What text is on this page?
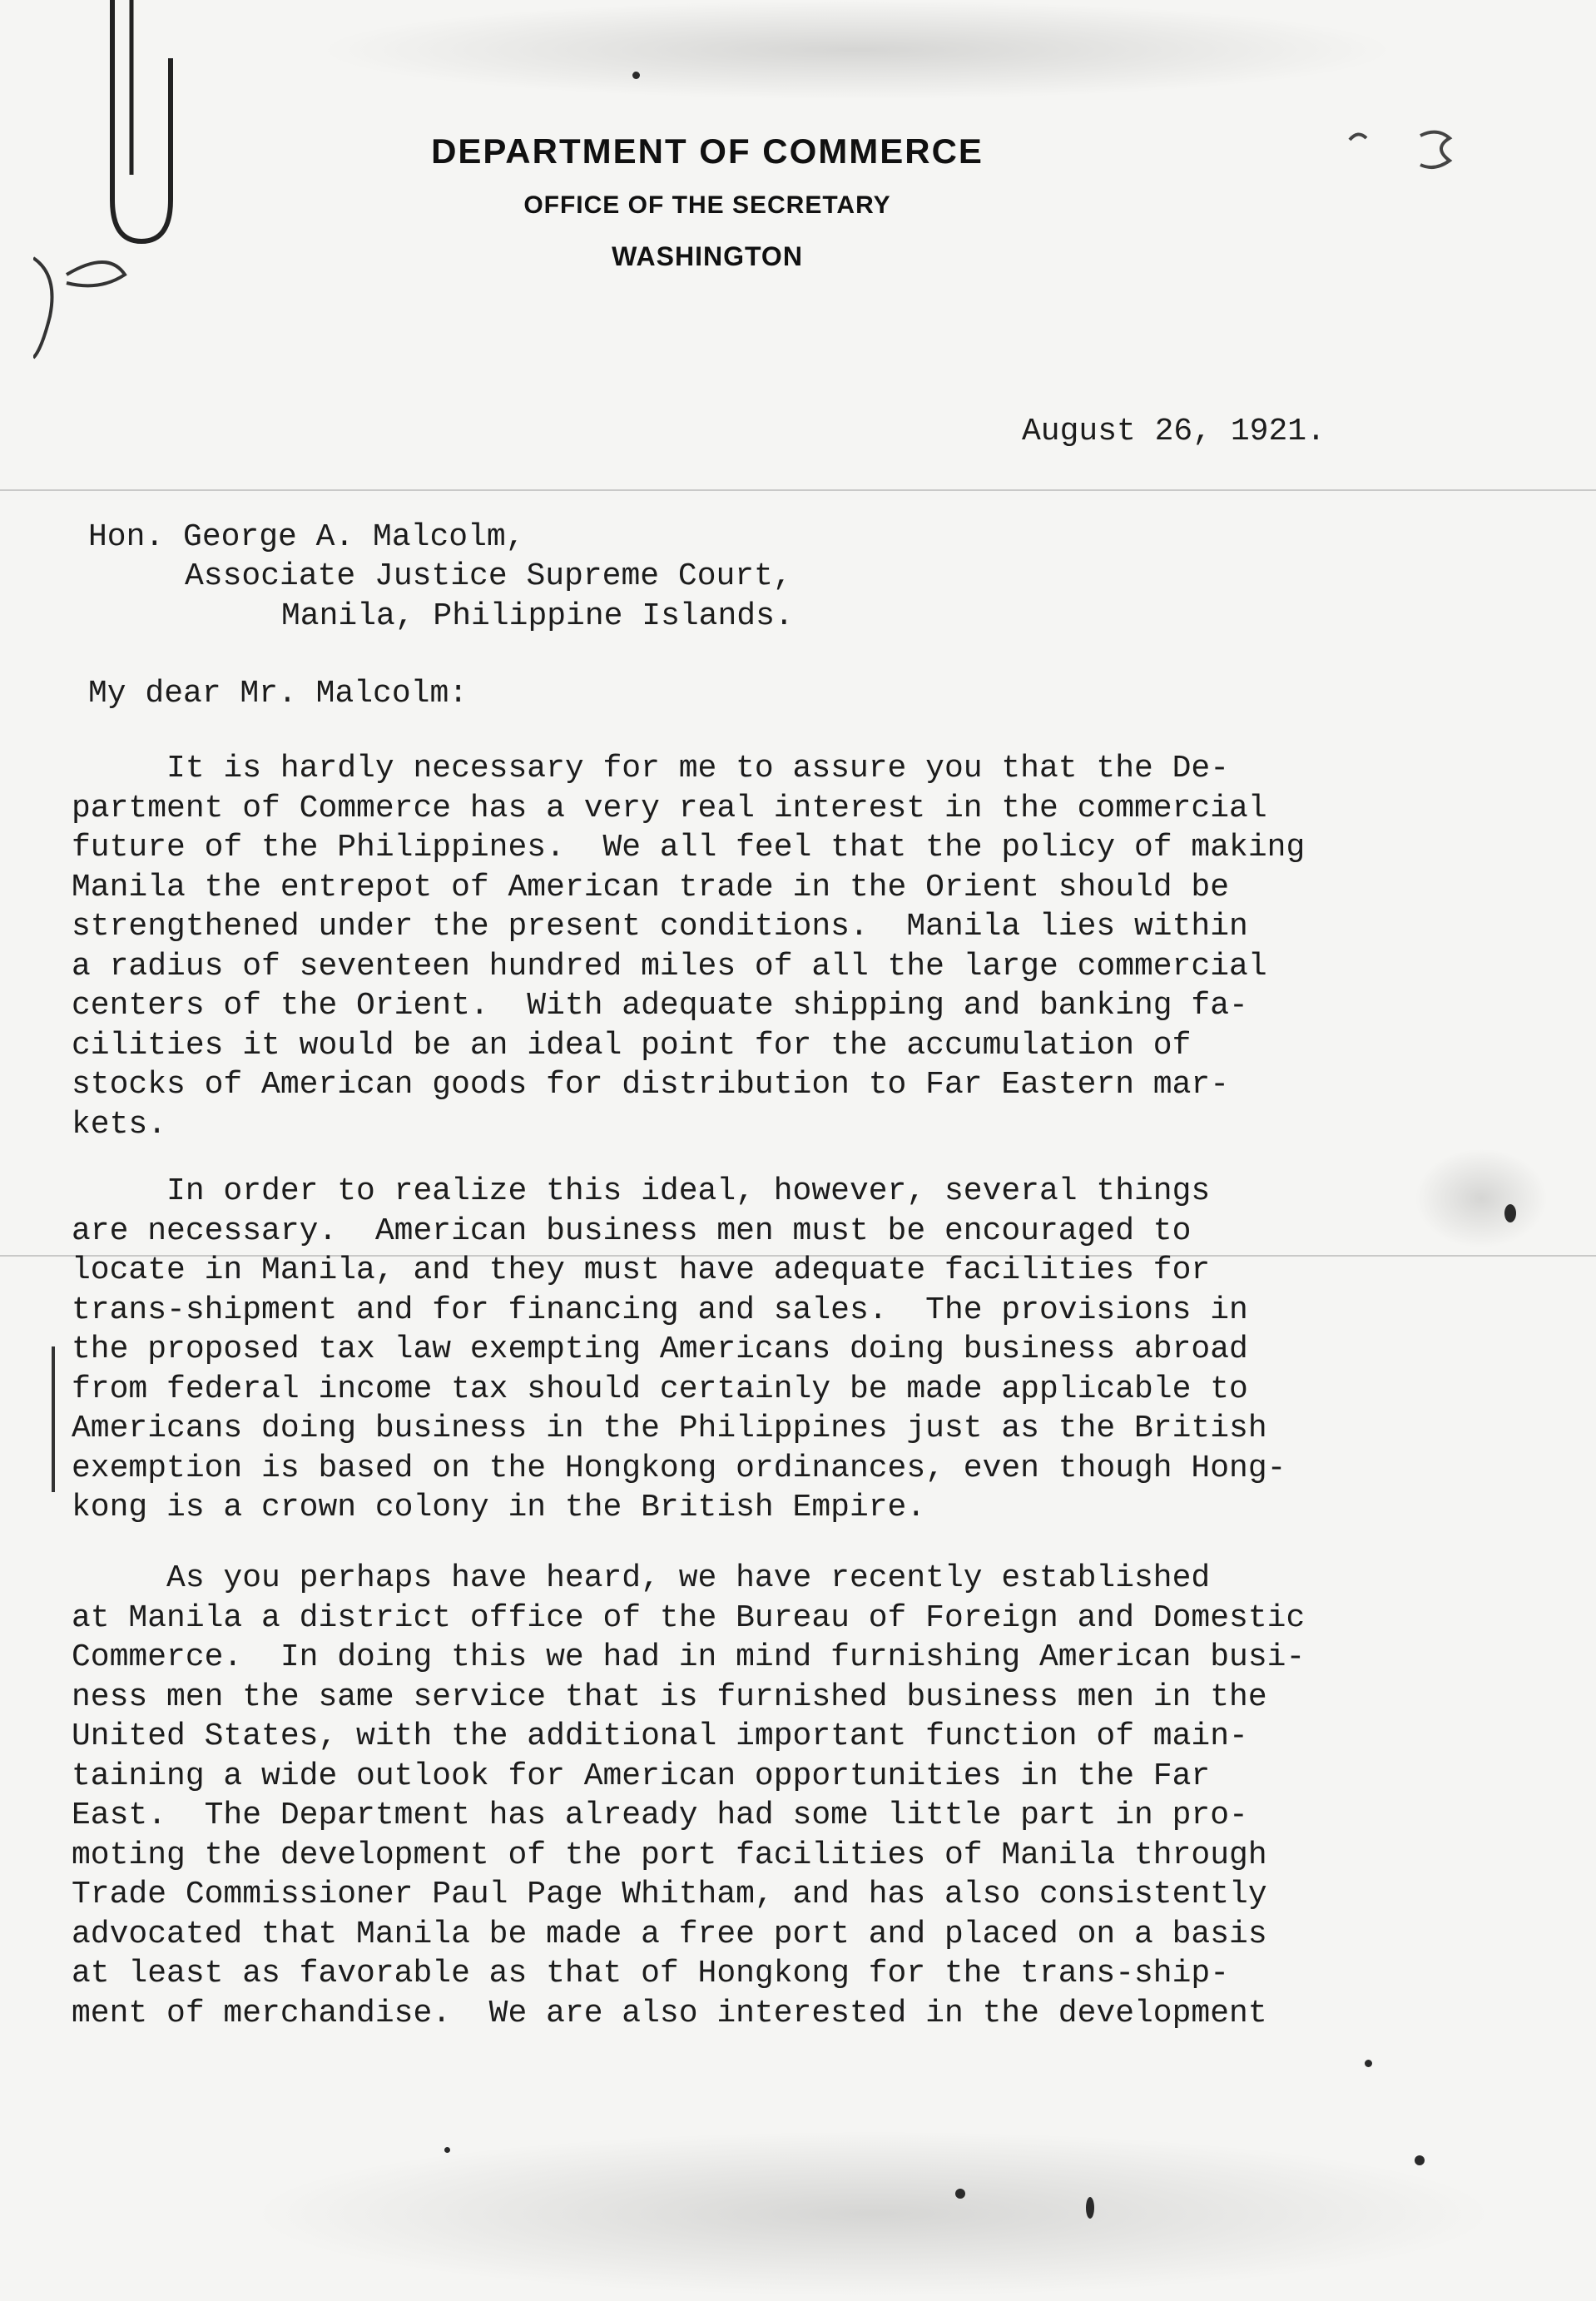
DEPARTMENT OF COMMERCE
OFFICE OF THE SECRETARY
WASHINGTON
August 26, 1921.
Hon. George A. Malcolm,
Associate Justice Supreme Court,
Manila, Philippine Islands.
My dear Mr. Malcolm:
It is hardly necessary for me to assure you that the De-
partment of Commerce has a very real interest in the commercial
future of the Philippines.  We all feel that the policy of making
Manila the entrepot of American trade in the Orient should be
strengthened under the present conditions.  Manila lies within
a radius of seventeen hundred miles of all the large commercial
centers of the Orient.  With adequate shipping and banking fa-
cilities it would be an ideal point for the accumulation of
stocks of American goods for distribution to Far Eastern mar-
kets.
In order to realize this ideal, however, several things
are necessary.  American business men must be encouraged to
locate in Manila, and they must have adequate facilities for
trans-shipment and for financing and sales.  The provisions in
the proposed tax law exempting Americans doing business abroad
from federal income tax should certainly be made applicable to
Americans doing business in the Philippines just as the British
exemption is based on the Hongkong ordinances, even though Hong-
kong is a crown colony in the British Empire.
As you perhaps have heard, we have recently established
at Manila a district office of the Bureau of Foreign and Domestic
Commerce.  In doing this we had in mind furnishing American busi-
ness men the same service that is furnished business men in the
United States, with the additional important function of main-
taining a wide outlook for American opportunities in the Far
East.  The Department has already had some little part in pro-
moting the development of the port facilities of Manila through
Trade Commissioner Paul Page Whitham, and has also consistently
advocated that Manila be made a free port and placed on a basis
at least as favorable as that of Hongkong for the trans-ship-
ment of merchandise.  We are also interested in the development
